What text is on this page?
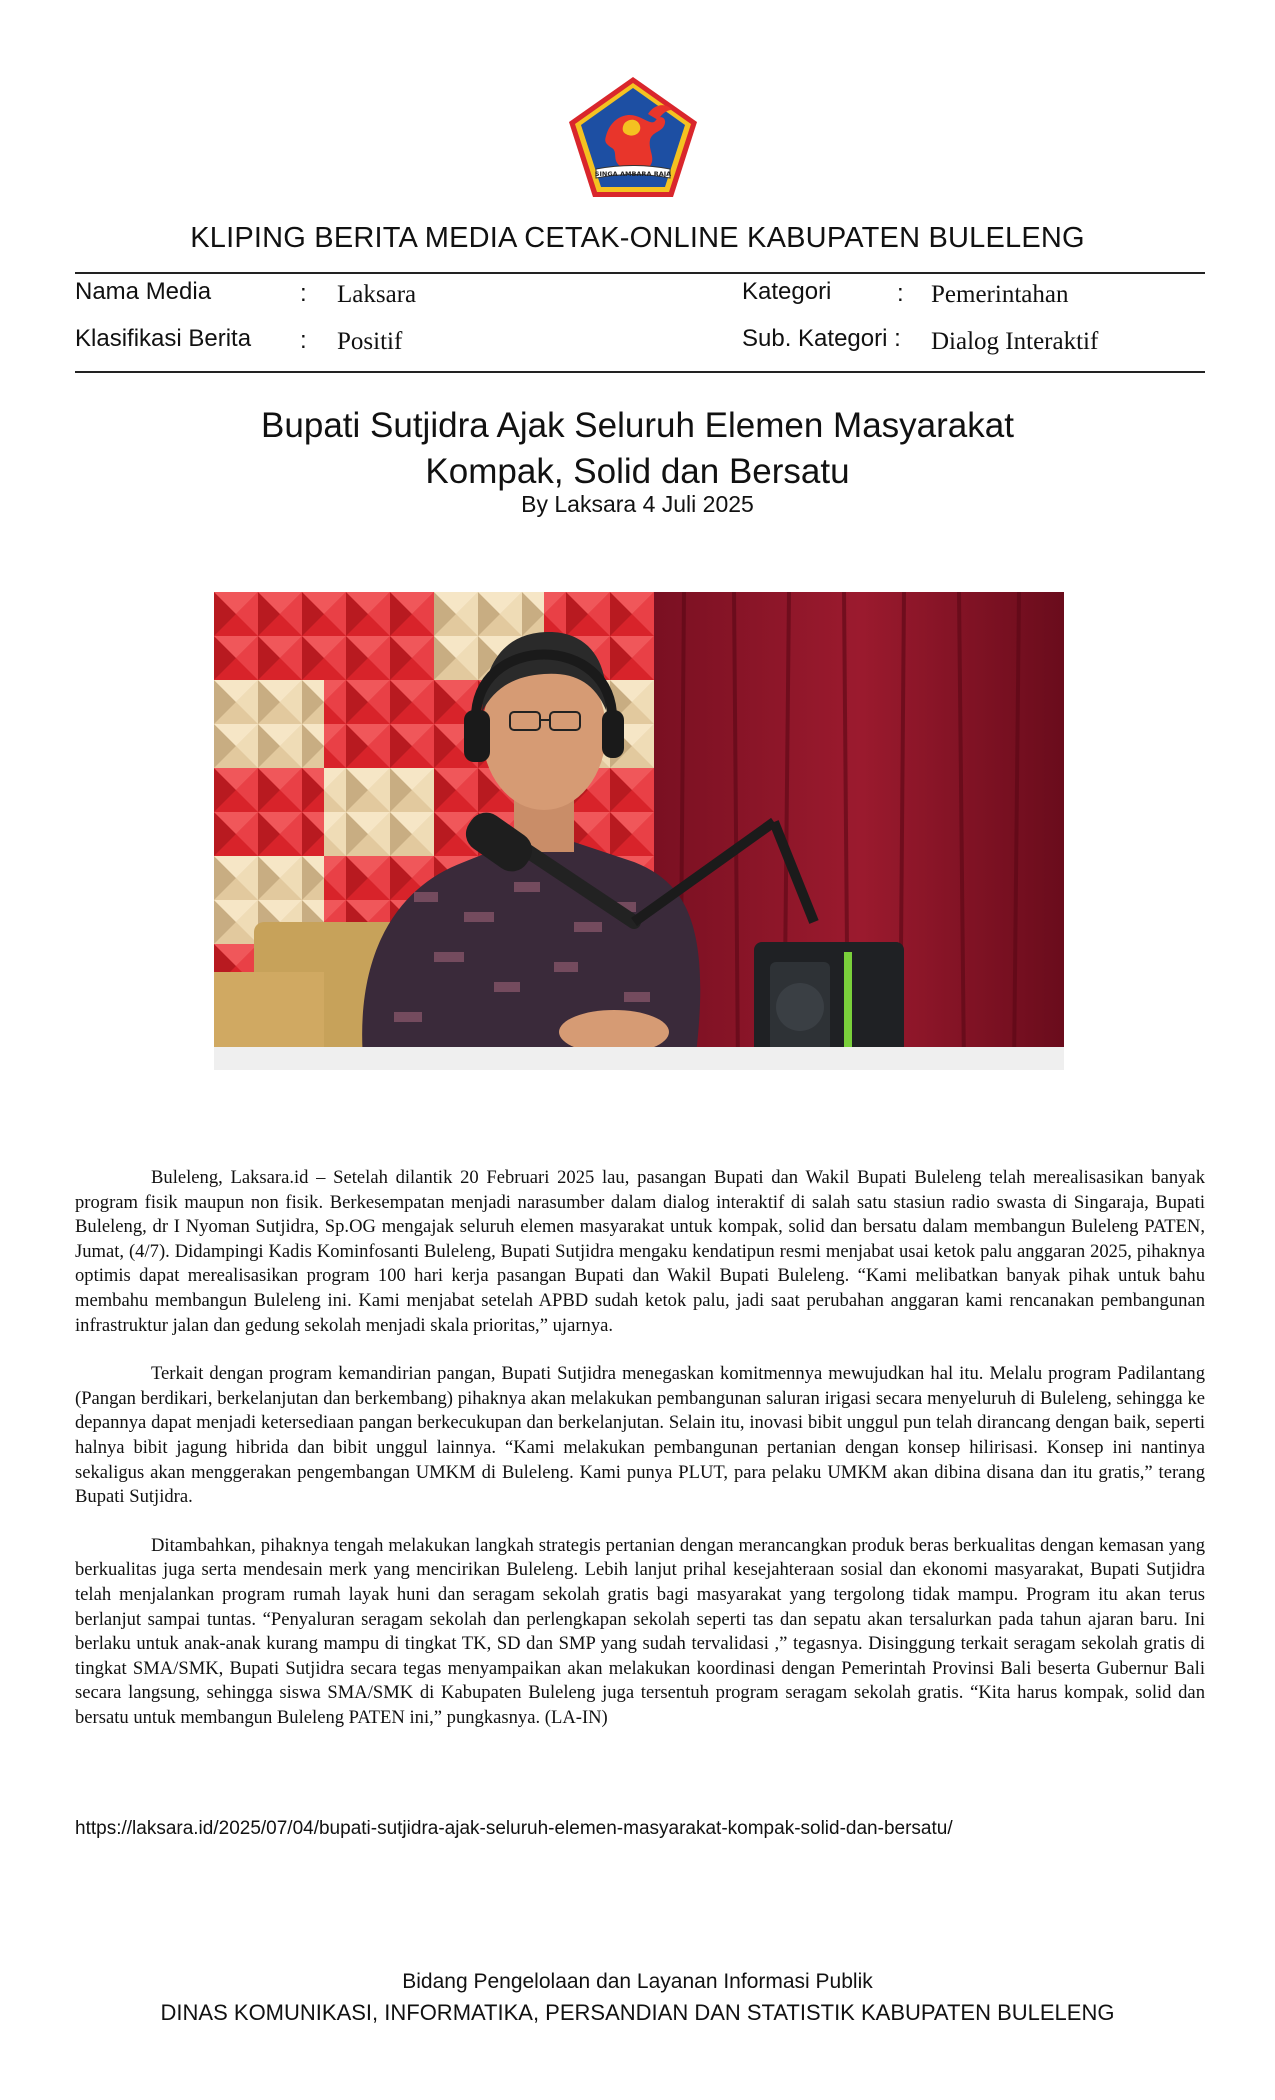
SINGA AMBARA RAJA
KLIPING BERITA MEDIA CETAK-ONLINE KABUPATEN BULELENG
Nama Media	: Laksara
Klasifikasi Berita : Positif
Kategori	: Pemerintahan
Sub. Kategori : Dialog Interaktif
Bupati Sutjidra Ajak Seluruh Elemen Masyarakat
Kompak, Solid dan Bersatu
By Laksara 4 Juli 2025

Buleleng, Laksara.id – Setelah dilantik 20 Februari 2025 lau, pasangan Bupati dan Wakil Bupati Buleleng telah merealisasikan banyak program fisik maupun non fisik. Berkesempatan menjadi narasumber dalam dialog interaktif di salah satu stasiun radio swasta di Singaraja, Bupati Buleleng, dr I Nyoman Sutjidra, Sp.OG mengajak seluruh elemen masyarakat untuk kompak, solid dan bersatu dalam membangun Buleleng PATEN, Jumat, (4/7). Didampingi Kadis Kominfosanti Buleleng, Bupati Sutjidra mengaku kendatipun resmi menjabat usai ketok palu anggaran 2025, pihaknya optimis dapat merealisasikan program 100 hari kerja pasangan Bupati dan Wakil Bupati Buleleng. “Kami melibatkan banyak pihak untuk bahu membahu membangun Buleleng ini. Kami menjabat setelah APBD sudah ketok palu, jadi saat perubahan anggaran kami rencanakan pembangunan infrastruktur jalan dan gedung sekolah menjadi skala prioritas,” ujarnya.

Terkait dengan program kemandirian pangan, Bupati Sutjidra menegaskan komitmennya mewujudkan hal itu. Melalu program Padilantang (Pangan berdikari, berkelanjutan dan berkembang) pihaknya akan melakukan pembangunan saluran irigasi secara menyeluruh di Buleleng, sehingga ke depannya dapat menjadi ketersediaan pangan berkecukupan dan berkelanjutan. Selain itu, inovasi bibit unggul pun telah dirancang dengan baik, seperti halnya bibit jagung hibrida dan bibit unggul lainnya. “Kami melakukan pembangunan pertanian dengan konsep hilirisasi. Konsep ini nantinya sekaligus akan menggerakan pengembangan UMKM di Buleleng. Kami punya PLUT, para pelaku UMKM akan dibina disana dan itu gratis,” terang Bupati Sutjidra.

Ditambahkan, pihaknya tengah melakukan langkah strategis pertanian dengan merancangkan produk beras berkualitas dengan kemasan yang berkualitas juga serta mendesain merk yang mencirikan Buleleng. Lebih lanjut prihal kesejahteraan sosial dan ekonomi masyarakat, Bupati Sutjidra telah menjalankan program rumah layak huni dan seragam sekolah gratis bagi masyarakat yang tergolong tidak mampu. Program itu akan terus berlanjut sampai tuntas. “Penyaluran seragam sekolah dan perlengkapan sekolah seperti tas dan sepatu akan tersalurkan pada tahun ajaran baru. Ini berlaku untuk anak-anak kurang mampu di tingkat TK, SD dan SMP yang sudah tervalidasi ,” tegasnya. Disinggung terkait seragam sekolah gratis di tingkat SMA/SMK, Bupati Sutjidra secara tegas menyampaikan akan melakukan koordinasi dengan Pemerintah Provinsi Bali beserta Gubernur Bali secara langsung, sehingga siswa SMA/SMK di Kabupaten Buleleng juga tersentuh program seragam sekolah gratis. “Kita harus kompak, solid dan bersatu untuk membangun Buleleng PATEN ini,” pungkasnya. (LA-IN)

https://laksara.id/2025/07/04/bupati-sutjidra-ajak-seluruh-elemen-masyarakat-kompak-solid-dan-bersatu/
Bidang Pengelolaan dan Layanan Informasi Publik
DINAS KOMUNIKASI, INFORMATIKA, PERSANDIAN DAN STATISTIK KABUPATEN BULELENG
